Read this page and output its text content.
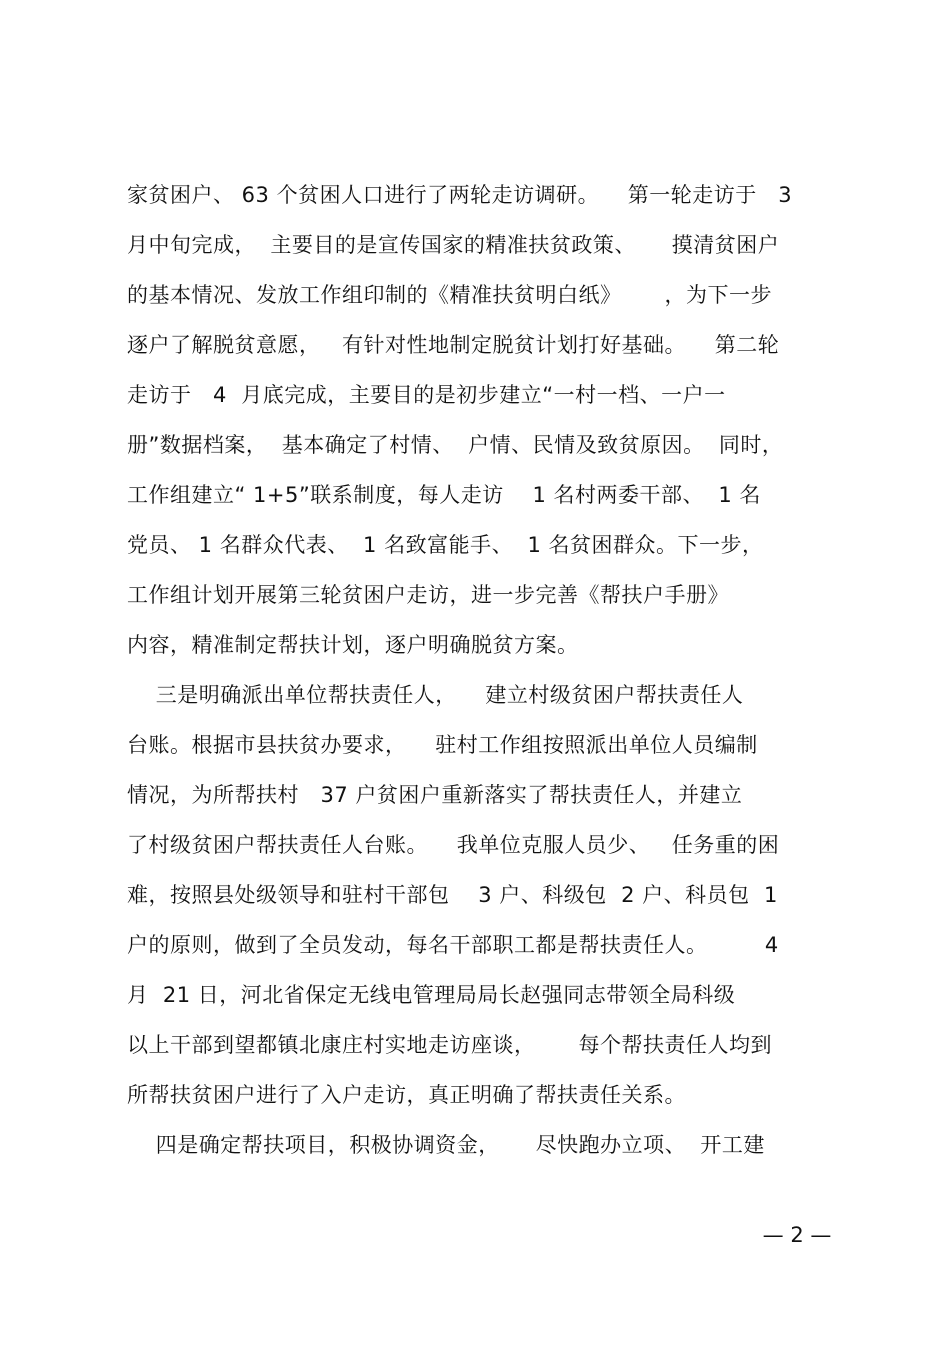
家贫困户、 63 个贫困人口进行了两轮走访调研。    第一轮走访于   3
月中旬完成，  主要目的是宣传国家的精准扶贫政策、     摸清贫困户
的基本情况、发放工作组印制的《精准扶贫明白纸》      ，为下一步
逐户了解脱贫意愿，   有针对性地制定脱贫计划打好基础。    第二轮
走访于   4  月底完成，主要目的是初步建立“一村一档、一户一
册”数据档案，  基本确定了村情、  户情、民情及致贫原因。  同时，
工作组建立“ 1+5”联系制度，每人走访    1 名村两委干部、  1 名
党员、 1 名群众代表、  1 名致富能手、  1 名贫困群众。下一步，
工作组计划开展第三轮贫困户走访，进一步完善《帮扶户手册》
内容，精准制定帮扶计划，逐户明确脱贫方案。
三是明确派出单位帮扶责任人，    建立村级贫困户帮扶责任人
台账。根据市县扶贫办要求，    驻村工作组按照派出单位人员编制
情况，为所帮扶村   37 户贫困户重新落实了帮扶责任人，并建立
了村级贫困户帮扶责任人台账。    我单位克服人员少、   任务重的困
难，按照县处级领导和驻村干部包    3 户、科级包  2 户、科员包  1
户的原则，做到了全员发动，每名干部职工都是帮扶责任人。        4
月  21 日，河北省保定无线电管理局局长赵强同志带领全局科级
以上干部到望都镇北康庄村实地走访座谈，      每个帮扶责任人均到
所帮扶贫困户进行了入户走访，真正明确了帮扶责任关系。
四是确定帮扶项目，积极协调资金，     尽快跑办立项、  开工建
— 2 —
